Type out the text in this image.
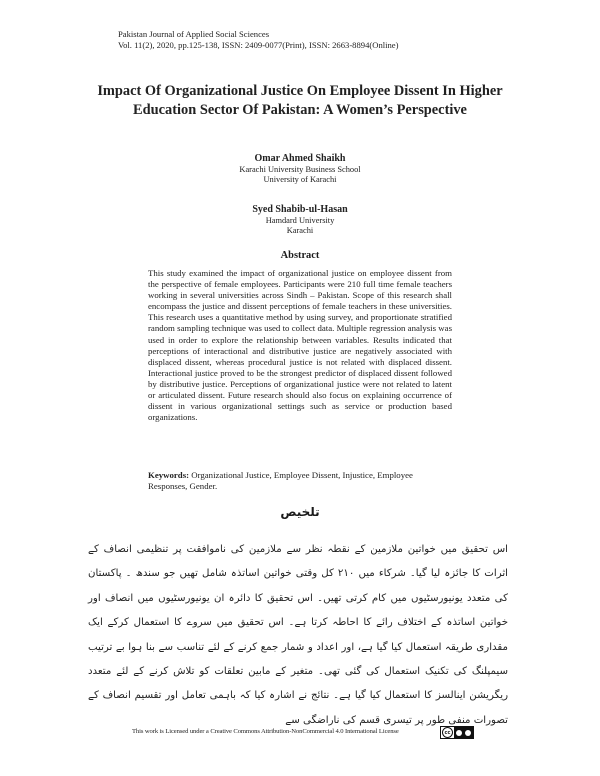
Pakistan Journal of Applied Social Sciences
Vol. 11(2), 2020, pp.125-138, ISSN: 2409-0077(Print), ISSN: 2663-8894(Online)
Impact Of Organizational Justice On Employee Dissent In Higher Education Sector Of Pakistan: A Women’s Perspective
Omar Ahmed Shaikh
Karachi University Business School
University of Karachi
Syed Shabib-ul-Hasan
Hamdard University
Karachi
Abstract
This study examined the impact of organizational justice on employee dissent from the perspective of female employees. Participants were 210 full time female teachers working in several universities across Sindh – Pakistan. Scope of this research shall encompass the justice and dissent perceptions of female teachers in these universities. This research uses a quantitative method by using survey, and proportionate stratified random sampling technique was used to collect data. Multiple regression analysis was used in order to explore the relationship between variables. Results indicated that perceptions of interactional and distributive justice are negatively associated with displaced dissent, whereas procedural justice is not related with displaced dissent. Interactional justice proved to be the strongest predictor of displaced dissent followed by distributive justice. Perceptions of organizational justice were not related to latent or articulated dissent. Future research should also focus on explaining occurrence of dissent in various organizational settings such as service or production based organizations.
Keywords: Organizational Justice, Employee Dissent, Injustice, Employee Responses, Gender.
تلخیص
اس تحقیق میں خواتین ملازمین کے نقطہ نظر سے ملازمین کی ناموافقت پر تنظیمی انصاف کے اثرات کا جائزہ لیا گیا۔ شرکاء میں ۲۱۰ کل وقتی خواتین اساتذہ شامل تھیں جو سندھ ۔ پاکستان کی متعدد یونیورسٹیوں میں کام کرتی تھیں۔ اس تحقیق کا دائرہ ان یونیورسٹیوں میں انصاف اور خواتین اساتذہ کے اختلاف رائے کا احاطہ کرتا ہے۔ اس تحقیق میں سروے کا استعمال کرکے ایک مقداری طریقہ استعمال کیا گیا ہے، اور اعداد و شمار جمع کرنے کے لئے تناسب سے بنا ہوا بے ترتیب سیمپلنگ کی تکنیک استعمال کی گئی تھی۔ متغیر کے مابین تعلقات کو تلاش کرنے کے لئے متعدد ریگریشن اینالسز کا استعمال کیا گیا ہے۔ نتائج نے اشارہ کیا کہ باہمی تعامل اور تقسیم انصاف کے تصورات منفی طور پر تیسری قسم کی ناراضگی سے
This work is Licensed under a Creative Commons Attribution-NonCommercial 4.0 International License	cc
